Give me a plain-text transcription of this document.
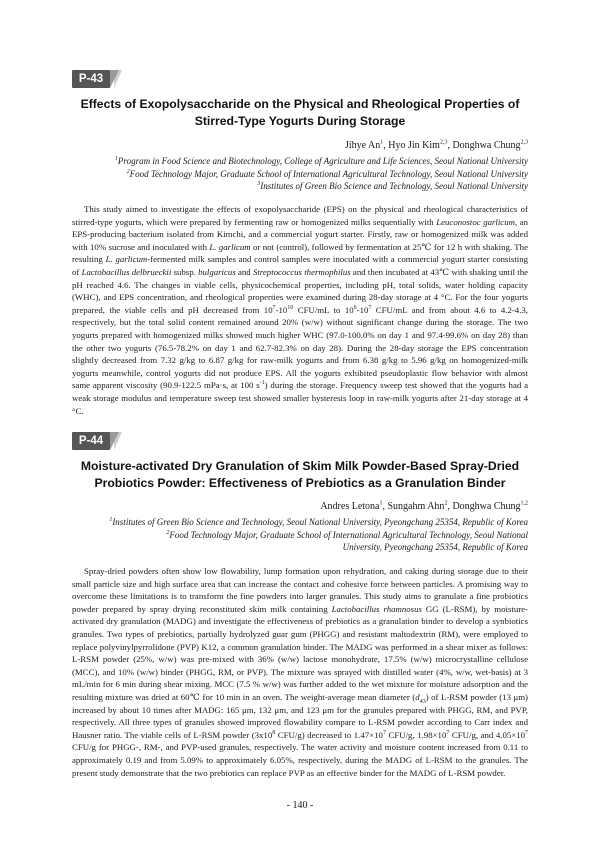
P-43
Effects of Exopolysaccharide on the Physical and Rheological Properties of
Stirred-Type Yogurts During Storage
Jihye An$^1$, Hyo Jin Kim$^{2,3}$, Donghwa Chung$^{2,3}$
$^1$Program in Food Science and Biotechnology, College of Agriculture and Life Sciences, Seoul National University
$^2$Food Technology Major, Graduate School of International Agricultural Technology, Seoul National University
$^3$Institutes of Green Bio Science and Technology, Seoul National University

This study aimed to investigate the effects of exopolysaccharide (EPS) on the physical and rheological characteristics of stirred-type yogurts, which were prepared by fermenting raw or homogenized milks sequentially with Leuconostoc garlicum, an EPS-producing bacterium isolated from Kimchi, and a commercial yogurt starter. Firstly, raw or homogenized milk was added with 10% sucrose and inoculated with L. garlicum or not (control), followed by fermentation at 25℃ for 12 h with shaking. The resulting L. garlicum-fermented milk samples and control samples were inoculated with a commercial yogurt starter consisting of Lactobacillus delbrueckii subsp. bulgaricus and Streptococcus thermophilus and then incubated at 43℃ with shaking until the pH reached 4.6. The changes in viable cells, physicochemical properties, including pH, total solids, water holding capacity (WHC), and EPS concentration, and rheological properties were examined during 28-day storage at 4 °C. For the four yogurts prepared, the viable cells and pH decreased from $10^7-10^{10}$ CFU/mL to $10^6-10^7$ CFU/mL and from about 4.6 to 4.2-4.3, respectively, but the total solid content remained around 20% (w/w) without significant change during the storage. The two yogurts prepared with homogenized milks showed much higher WHC (97.0-100.0% on day 1 and 97.4-99.6% on day 28) than the other two yogurts (76.5-78.2% on day 1 and 62.7-82.3% on day 28). During the 28-day storage the EPS concentration slightly decreased from 7.32 g/kg to 6.87 g/kg for raw-milk yogurts and from 6.38 g/kg to 5.96 g/kg on homogenized-milk yogurts meanwhile, control yogurts did not produce EPS. All the yogurts exhibited pseudoplastic flow behavior with almost same apparent viscosity (90.9-122.5 mPa·s, at 100 $s^{-1}$) during the storage. Frequency sweep test showed that the yogurts had a weak storage modulus and temperature sweep test showed smaller hysteresis loop in raw-milk yogurts after 21-day storage at 4 °C.

P-44
Moisture-activated Dry Granulation of Skim Milk Powder-Based Spray-Dried
Probiotics Powder: Effectiveness of Prebiotics as a Granulation Binder
Andres Letona$^1$, Sungahm Ahn$^2$, Donghwa Chung$^{1,2}$
$^1$Institutes of Green Bio Science and Technology, Seoul National University, Pyeongchang 25354, Republic of Korea
$^2$Food Technology Major, Graduate School of International Agricultural Technology, Seoul National University, Pyeongchang 25354, Republic of Korea

Spray-dried powders often show low flowability, lump formation upon rehydration, and caking during storage due to their small particle size and high surface area that can increase the contact and cohesive force between particles. A promising way to overcome these limitations is to transform the fine powders into larger granules. This study aims to granulate a fine probiotics powder prepared by spray drying reconstituted skim milk containing Lactobacillus rhamnosus GG (L-RSM), by moisture-activated dry granulation (MADG) and investigate the effectiveness of prebiotics as a granulation binder to develop a synbiotics granules. Two types of prebiotics, partially hydrolyzed guar gum (PHGG) and resistant maltodextrin (RM), were employed to replace polyvinylpyrrolidone (PVP) K12, a common granulation binder. The MADG was performed in a shear mixer as follows: L-RSM powder (25%, w/w) was pre-mixed with 36% (w/w) lactose monohydrate, 17.5% (w/w) microcrystalline cellulose (MCC), and 10% (w/w) binder (PHGG, RM, or PVP). The mixture was sprayed with distilled water (4%, w/w, wet-basis) at 3 mL/min for 6 min during shear mixing. MCC (7.5 % w/w) was further added to the wet mixture for moisture adsorption and the resulting mixture was dried at 60℃ for 10 min in an oven. The weight-average mean diameter $(d_{43})$ of L-RSM powder (13 μm) increased by about 10 times after MADG: 165 μm, 132 μm, and 123 μm for the granules prepared with PHGG, RM, and PVP, respectively. All three types of granules showed improved flowability compare to L-RSM powder according to Carr index and Hausner ratio. The viable cells of L-RSM powder ($3x10^8$ CFU/g) decreased to $1.47\times 10^7$ CFU/g, $1.98\times 10^7$ CFU/g, and $4.05\times 10^7$ CFU/g for PHGG-, RM-, and PVP-used granules, respectively. The water activity and moisture content increased from 0.11 to approximately 0.19 and from 5.09% to approximately 6.05%, respectively, during the MADG of L-RSM to the granules. The present study demonstrate that the two prebiotics can replace PVP as an effective binder for the MADG of L-RSM powder.

- 140 -
